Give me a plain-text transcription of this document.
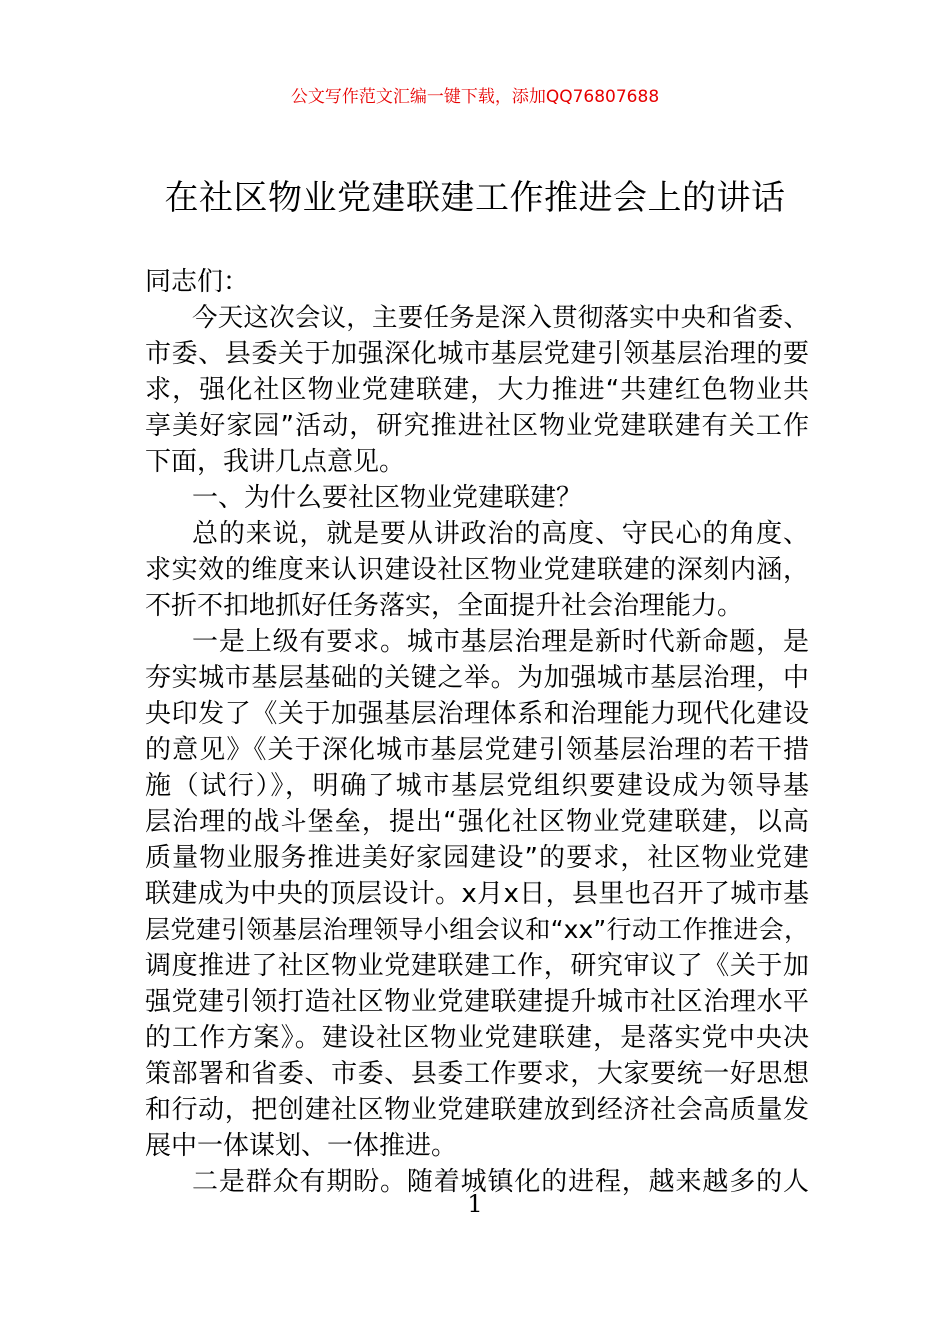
公文写作范文汇编一键下载，添加QQ76807688
在社区物业党建联建工作推进会上的讲话
同志们：
今天这次会议，主要任务是深入贯彻落实中央和省委、
市委、县委关于加强深化城市基层党建引领基层治理的要
求，强化社区物业党建联建，大力推进“共建红色物业共
享美好家园”活动，研究推进社区物业党建联建有关工作
下面，我讲几点意见。
一、为什么要社区物业党建联建？
总的来说，就是要从讲政治的高度、守民心的角度、
求实效的维度来认识建设社区物业党建联建的深刻内涵，
不折不扣地抓好任务落实，全面提升社会治理能力。
一是上级有要求。城市基层治理是新时代新命题，是
夯实城市基层基础的关键之举。为加强城市基层治理，中
央印发了《关于加强基层治理体系和治理能力现代化建设
的意见》《关于深化城市基层党建引领基层治理的若干措
施（试行）》，明确了城市基层党组织要建设成为领导基
层治理的战斗堡垒，提出“强化社区物业党建联建，以高
质量物业服务推进美好家园建设”的要求，社区物业党建
联建成为中央的顶层设计。x月x日，县里也召开了城市基
层党建引领基层治理领导小组会议和“xx”行动工作推进会，
调度推进了社区物业党建联建工作，研究审议了《关于加
强党建引领打造社区物业党建联建提升城市社区治理水平
的工作方案》。建设社区物业党建联建，是落实党中央决
策部署和省委、市委、县委工作要求，大家要统一好思想
和行动，把创建社区物业党建联建放到经济社会高质量发
展中一体谋划、一体推进。
二是群众有期盼。随着城镇化的进程，越来越多的人
1
